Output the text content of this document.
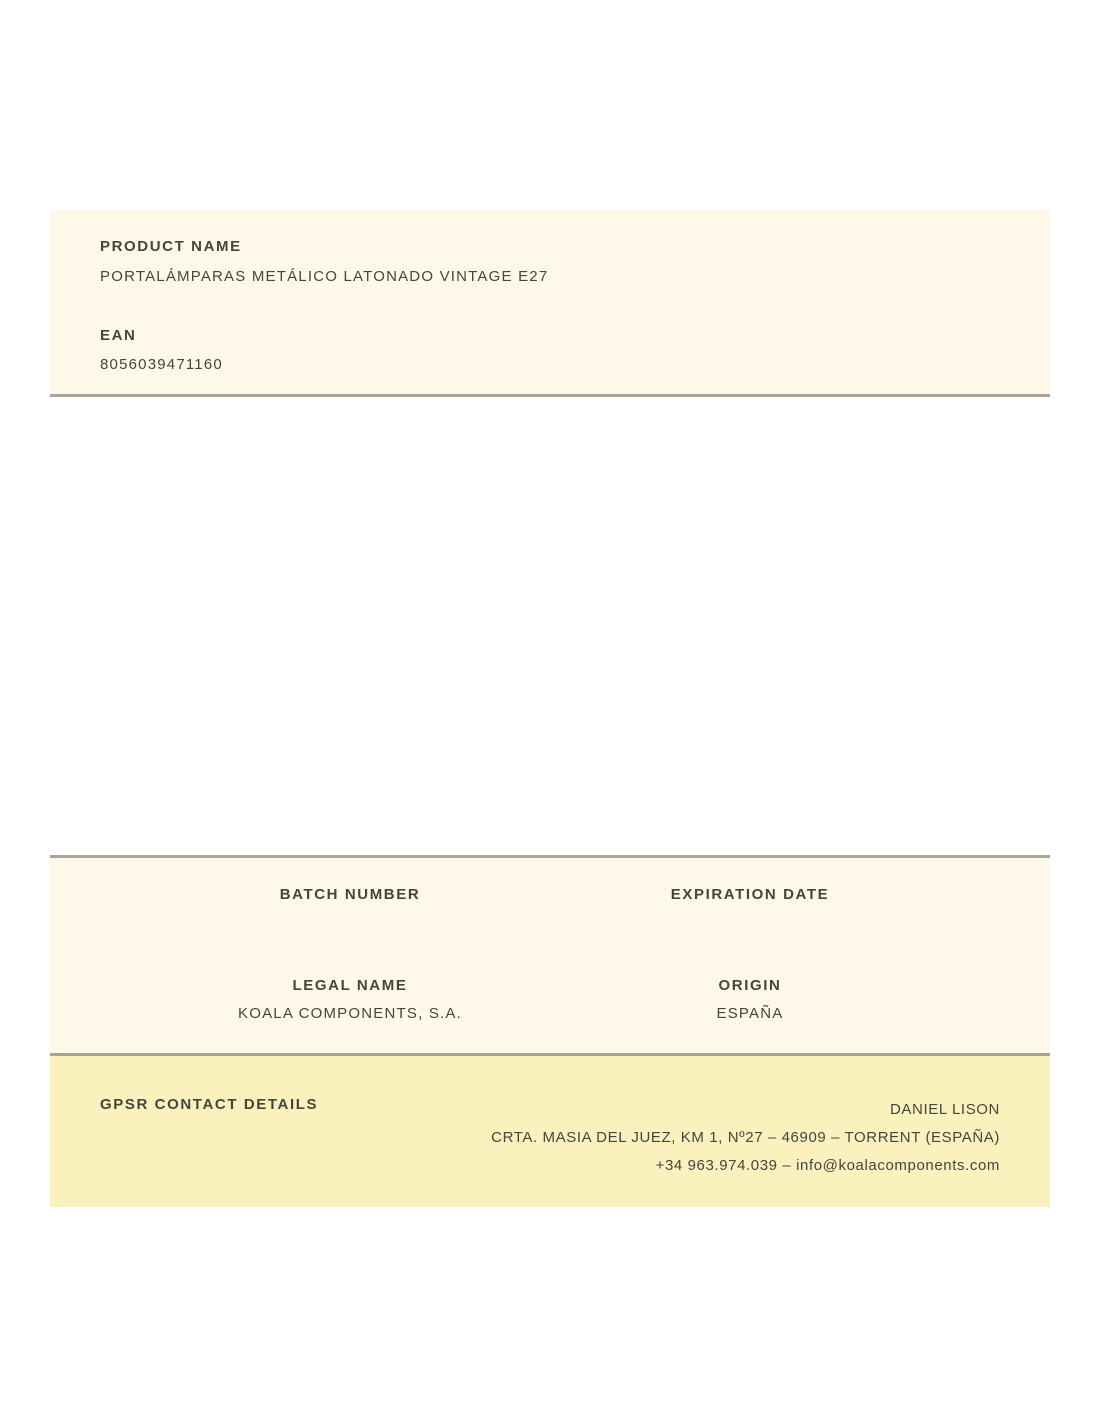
PRODUCT NAME
PORTALÁMPARAS METÁLICO LATONADO VINTAGE E27
EAN
8056039471160
BATCH NUMBER
LEGAL NAME
KOALA COMPONENTS, S.A.
EXPIRATION DATE
ORIGIN
ESPAÑA
GPSR CONTACT DETAILS	DANIEL LISON
CRTA. MASIA DEL JUEZ, KM 1, Nº27 – 46909 – TORRENT (ESPAÑA)
+34 963.974.039 – info@koalacomponents.com
